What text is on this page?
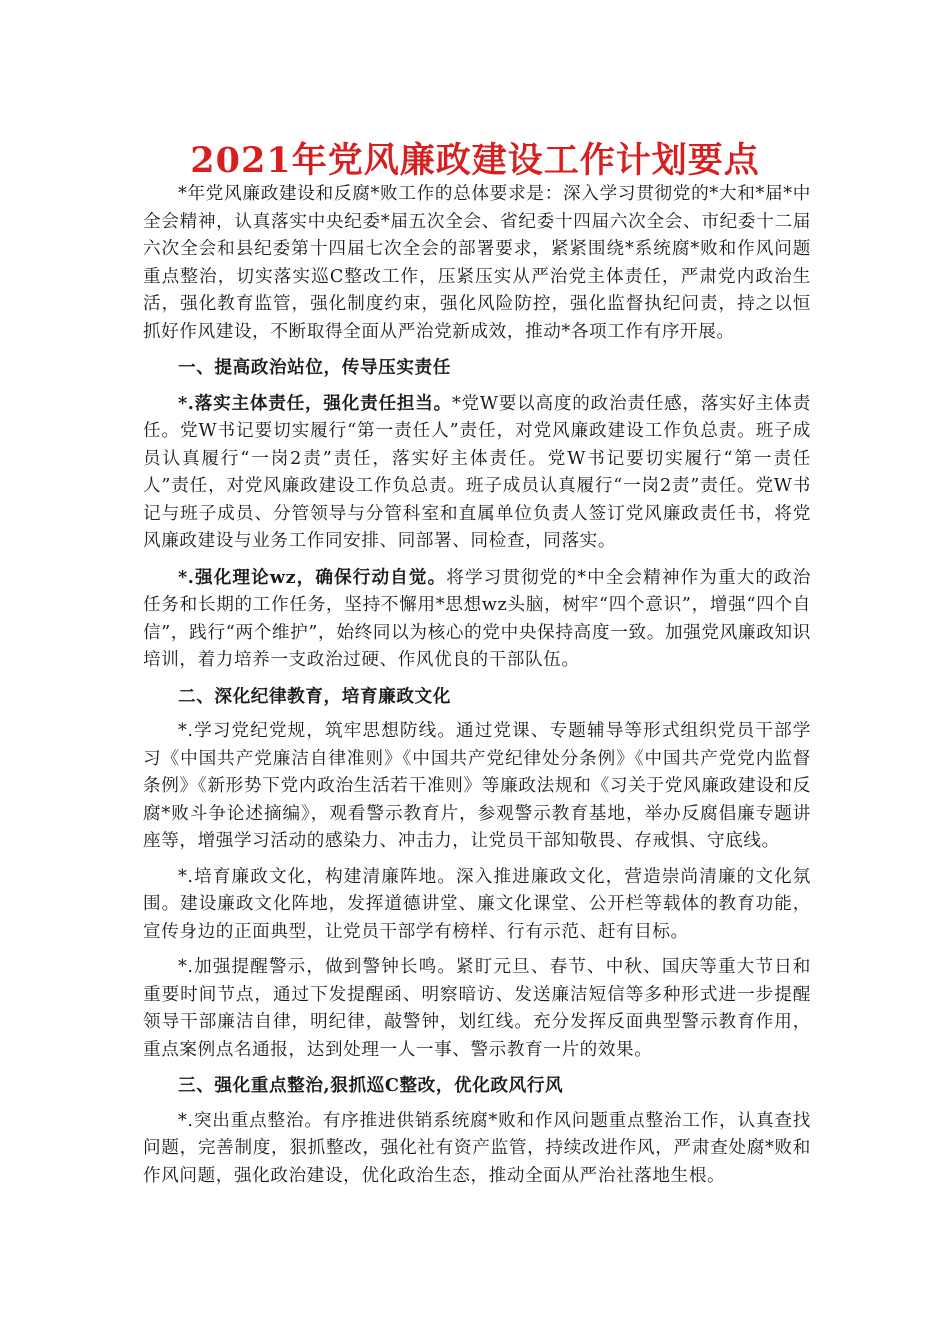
2021年党风廉政建设工作计划要点

*年党风廉政建设和反腐*败工作的总体要求是：深入学习贯彻党的*大和*届*中全会精神，认真落实中央纪委*届五次全会、省纪委十四届六次全会、市纪委十二届六次全会和县纪委第十四届七次全会的部署要求，紧紧围绕*系统腐*败和作风问题重点整治，切实落实巡C整改工作，压紧压实从严治党主体责任，严肃党内政治生活，强化教育监管，强化制度约束，强化风险防控，强化监督执纪问责，持之以恒抓好作风建设，不断取得全面从严治党新成效，推动*各项工作有序开展。

一、提高政治站位，传导压实责任

*.落实主体责任，强化责任担当。*党W要以高度的政治责任感，落实好主体责任。党W书记要切实履行“第一责任人”责任，对党风廉政建设工作负总责。班子成员认真履行“一岗2责”责任，落实好主体责任。党W书记要切实履行“第一责任人”责任，对党风廉政建设工作负总责。班子成员认真履行“一岗2责”责任。党W书记与班子成员、分管领导与分管科室和直属单位负责人签订党风廉政责任书，将党风廉政建设与业务工作同安排、同部署、同检查，同落实。

*.强化理论wz，确保行动自觉。将学习贯彻党的*中全会精神作为重大的政治任务和长期的工作任务，坚持不懈用*思想wz头脑，树牢“四个意识”，增强“四个自信”，践行“两个维护”，始终同以为核心的党中央保持高度一致。加强党风廉政知识培训，着力培养一支政治过硬、作风优良的干部队伍。

二、深化纪律教育，培育廉政文化

*.学习党纪党规，筑牢思想防线。通过党课、专题辅导等形式组织党员干部学习《中国共产党廉洁自律准则》《中国共产党纪律处分条例》《中国共产党党内监督条例》《新形势下党内政治生活若干准则》等廉政法规和《习关于党风廉政建设和反腐*败斗争论述摘编》，观看警示教育片，参观警示教育基地，举办反腐倡廉专题讲座等，增强学习活动的感染力、冲击力，让党员干部知敬畏、存戒惧、守底线。

*.培育廉政文化，构建清廉阵地。深入推进廉政文化，营造崇尚清廉的文化氛围。建设廉政文化阵地，发挥道德讲堂、廉文化课堂、公开栏等载体的教育功能，宣传身边的正面典型，让党员干部学有榜样、行有示范、赶有目标。

*.加强提醒警示，做到警钟长鸣。紧盯元旦、春节、中秋、国庆等重大节日和重要时间节点，通过下发提醒函、明察暗访、发送廉洁短信等多种形式进一步提醒领导干部廉洁自律，明纪律，敲警钟，划红线。充分发挥反面典型警示教育作用，重点案例点名通报，达到处理一人一事、警示教育一片的效果。

三、强化重点整治,狠抓巡C整改，优化政风行风

*.突出重点整治。有序推进供销系统腐*败和作风问题重点整治工作，认真查找问题，完善制度，狠抓整改，强化社有资产监管，持续改进作风，严肃查处腐*败和作风问题，强化政治建设，优化政治生态，推动全面从严治社落地生根。
